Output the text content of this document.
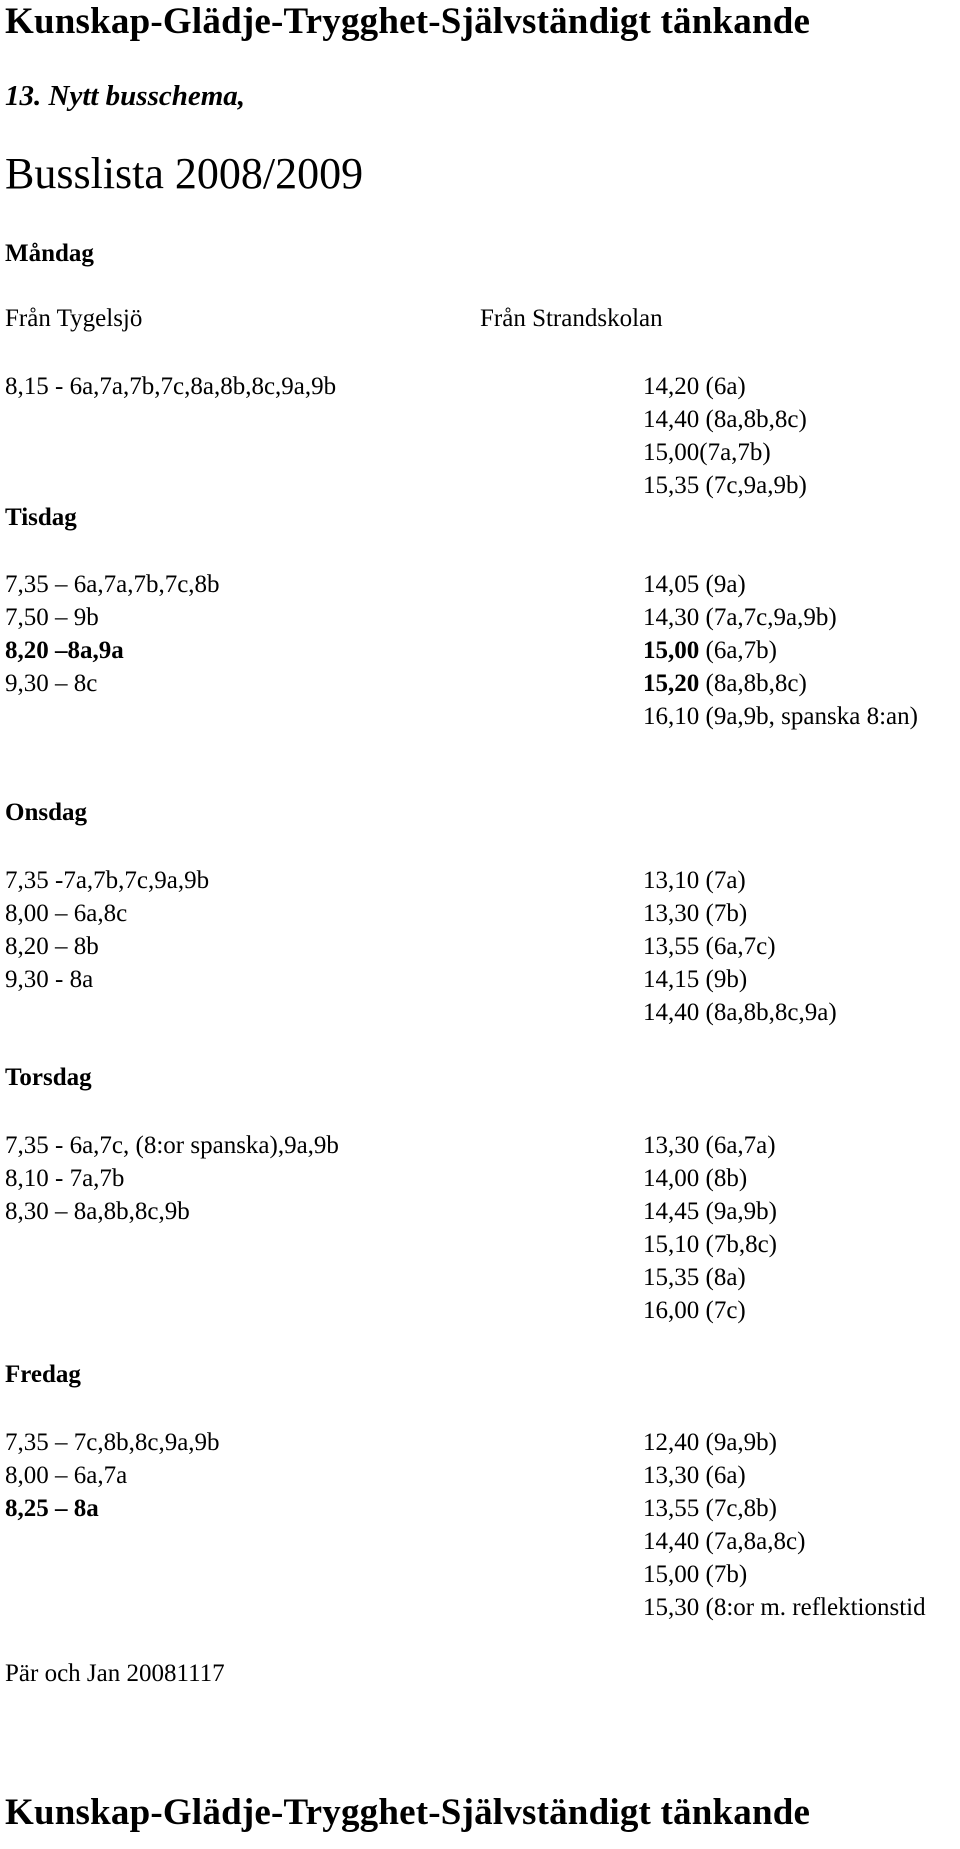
Kunskap-Glädje-Trygghet-Självständigt tänkande
13. Nytt busschema,
Busslista 2008/2009
Måndag
Från Tygelsjö	Från Strandskolan
8,15 - 6a,7a,7b,7c,8a,8b,8c,9a,9b	14,20 (6a)
14,40 (8a,8b,8c)
15,00(7a,7b)
15,35 (7c,9a,9b)
Tisdag
7,35 – 6a,7a,7b,7c,8b
7,50 – 9b
8,20 –8a,9a
9,30 – 8c
14,05 (9a)
14,30 (7a,7c,9a,9b)
15,00 (6a,7b)
15,20 (8a,8b,8c)
16,10 (9a,9b, spanska 8:an)
Onsdag
7,35 -7a,7b,7c,9a,9b
8,00 – 6a,8c
8,20 – 8b
9,30 - 8a
13,10 (7a)
13,30 (7b)
13,55 (6a,7c)
14,15 (9b)
14,40 (8a,8b,8c,9a)
Torsdag
7,35 - 6a,7c, (8:or spanska),9a,9b
8,10 - 7a,7b
8,30 – 8a,8b,8c,9b
13,30 (6a,7a)
14,00 (8b)
14,45 (9a,9b)
15,10 (7b,8c)
15,35 (8a)
16,00 (7c)
Fredag
7,35 – 7c,8b,8c,9a,9b
8,00 – 6a,7a
8,25 – 8a
12,40 (9a,9b)
13,30 (6a)
13,55 (7c,8b)
14,40 (7a,8a,8c)
15,00 (7b)
15,30 (8:or m. reflektionstid
Pär och Jan 20081117
Kunskap-Glädje-Trygghet-Självständigt tänkande
